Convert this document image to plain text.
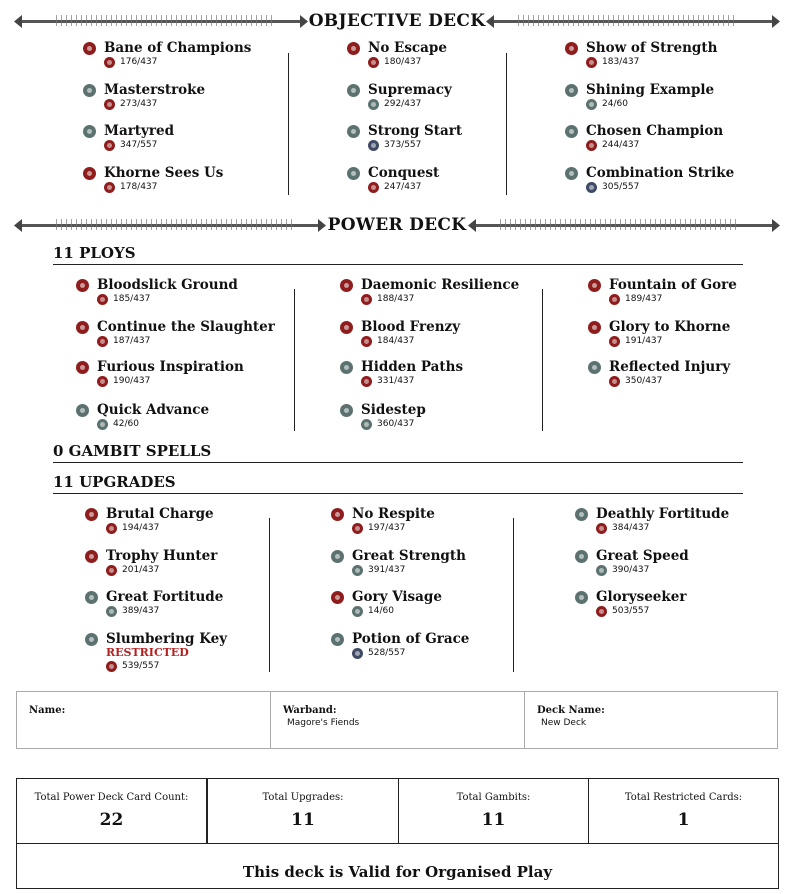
OBJECTIVE DECK
Bane of Champions
176/437
Masterstroke
273/437
Martyred
347/557
Khorne Sees Us
178/437
No Escape
180/437
Supremacy
292/437
Strong Start
373/557
Conquest
247/437
Show of Strength
183/437
Shining Example
24/60
Chosen Champion
244/437
Combination Strike
305/557
POWER DECK
11 PLOYS
Bloodslick Ground
185/437
Continue the Slaughter
187/437
Furious Inspiration
190/437
Quick Advance
42/60
Daemonic Resilience
188/437
Blood Frenzy
184/437
Hidden Paths
331/437
Sidestep
360/437
Fountain of Gore
189/437
Glory to Khorne
191/437
Reflected Injury
350/437
0 GAMBIT SPELLS
11 UPGRADES
Brutal Charge
194/437
Trophy Hunter
201/437
Great Fortitude
389/437
Slumbering Key
RESTRICTED
539/557
No Respite
197/437
Great Strength
391/437
Gory Visage
14/60
Potion of Grace
528/557
Deathly Fortitude
384/437
Great Speed
390/437
Gloryseeker
503/557
Name:	Warband:
Magore's Fiends
Deck Name:
New Deck
Total Power Deck Card Count:
22
Total Upgrades:
11
Total Gambits:
11
Total Restricted Cards:
1
This deck is Valid for Organised Play
